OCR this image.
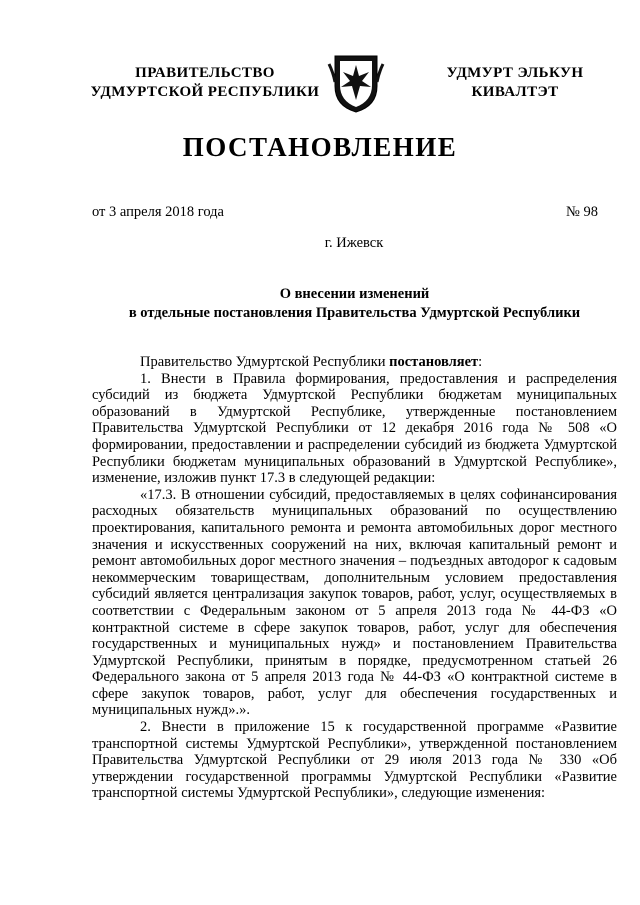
ПРАВИТЕЛЬСТВО
УДМУРТСКОЙ РЕСПУБЛИКИ
УДМУРТ ЭЛЬКУН
КИВАЛТЭТ
ПОСТАНОВЛЕНИЕ
от 3 апреля 2018 года	№ 98
г. Ижевск
О внесении изменений
в отдельные постановления Правительства Удмуртской Республики

Правительство Удмуртской Республики постановляет:

1. Внести в Правила формирования, предоставления и распределения субсидий из бюджета Удмуртской Республики бюджетам муниципальных образований в Удмуртской Республике, утвержденные постановлением Правительства Удмуртской Республики от 12 декабря 2016 года № 508 «О формировании, предоставлении и распределении субсидий из бюджета Удмуртской Республики бюджетам муниципальных образований в Удмуртской Республике», изменение, изложив пункт 17.3 в следующей редакции:

«17.3. В отношении субсидий, предоставляемых в целях софинансирования расходных обязательств муниципальных образований по осуществлению проектирования, капитального ремонта и ремонта автомобильных дорог местного значения и искусственных сооружений на них, включая капитальный ремонт и ремонт автомобильных дорог местного значения – подъездных автодорог к садовым некоммерческим товариществам, дополнительным условием предоставления субсидий является централизация закупок товаров, работ, услуг, осуществляемых в соответствии с Федеральным законом от 5 апреля 2013 года № 44-ФЗ «О контрактной системе в сфере закупок товаров, работ, услуг для обеспечения государственных и муниципальных нужд» и постановлением Правительства Удмуртской Республики, принятым в порядке, предусмотренном статьей 26 Федерального закона от 5 апреля 2013 года № 44-ФЗ «О контрактной системе в сфере закупок товаров, работ, услуг для обеспечения государственных и муниципальных нужд».».

2. Внести в приложение 15 к государственной программе «Развитие транспортной системы Удмуртской Республики», утвержденной постановлением Правительства Удмуртской Республики от 29 июля 2013 года № 330 «Об утверждении государственной программы Удмуртской Республики «Развитие транспортной системы Удмуртской Республики», следующие изменения:
